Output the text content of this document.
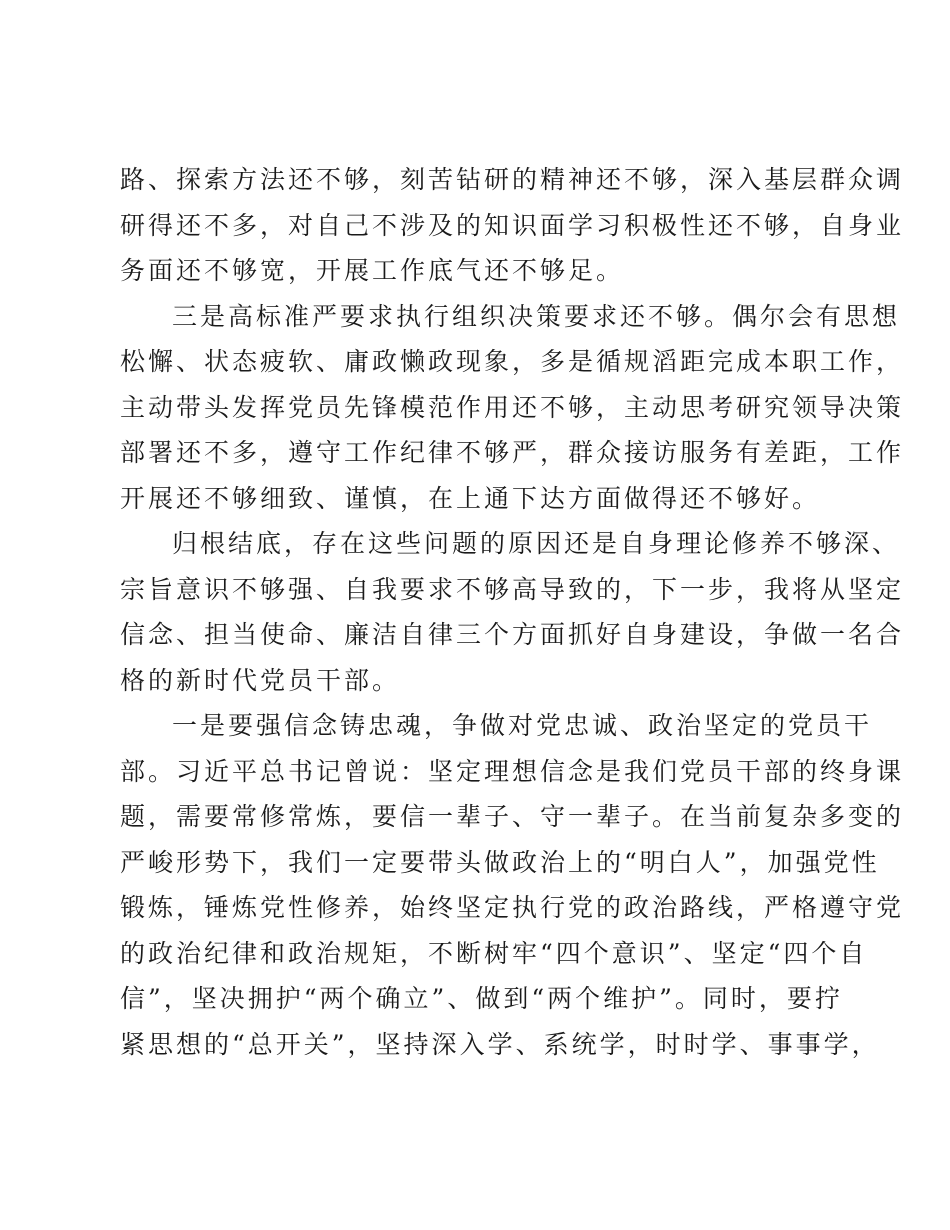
路、探索方法还不够，刻苦钻研的精神还不够，深入基层群众调
研得还不多，对自己不涉及的知识面学习积极性还不够，自身业
务面还不够宽，开展工作底气还不够足。
三是高标准严要求执行组织决策要求还不够。偶尔会有思想
松懈、状态疲软、庸政懒政现象，多是循规滔距完成本职工作，
主动带头发挥党员先锋模范作用还不够，主动思考研究领导决策
部署还不多，遵守工作纪律不够严，群众接访服务有差距，工作
开展还不够细致、谨慎，在上通下达方面做得还不够好。
归根结底，存在这些问题的原因还是自身理论修养不够深、
宗旨意识不够强、自我要求不够高导致的，下一步，我将从坚定
信念、担当使命、廉洁自律三个方面抓好自身建设，争做一名合
格的新时代党员干部。
一是要强信念铸忠魂，争做对党忠诚、政治坚定的党员干
部。习近平总书记曾说：坚定理想信念是我们党员干部的终身课
题，需要常修常炼，要信一辈子、守一辈子。在当前复杂多变的
严峻形势下，我们一定要带头做政治上的“明白人”，加强党性
锻炼，锤炼党性修养，始终坚定执行党的政治路线，严格遵守党
的政治纪律和政治规矩，不断树牢“四个意识”、坚定“四个自
信”，坚决拥护“两个确立”、做到“两个维护”。同时，要拧
紧思想的“总开关”，坚持深入学、系统学，时时学、事事学，
